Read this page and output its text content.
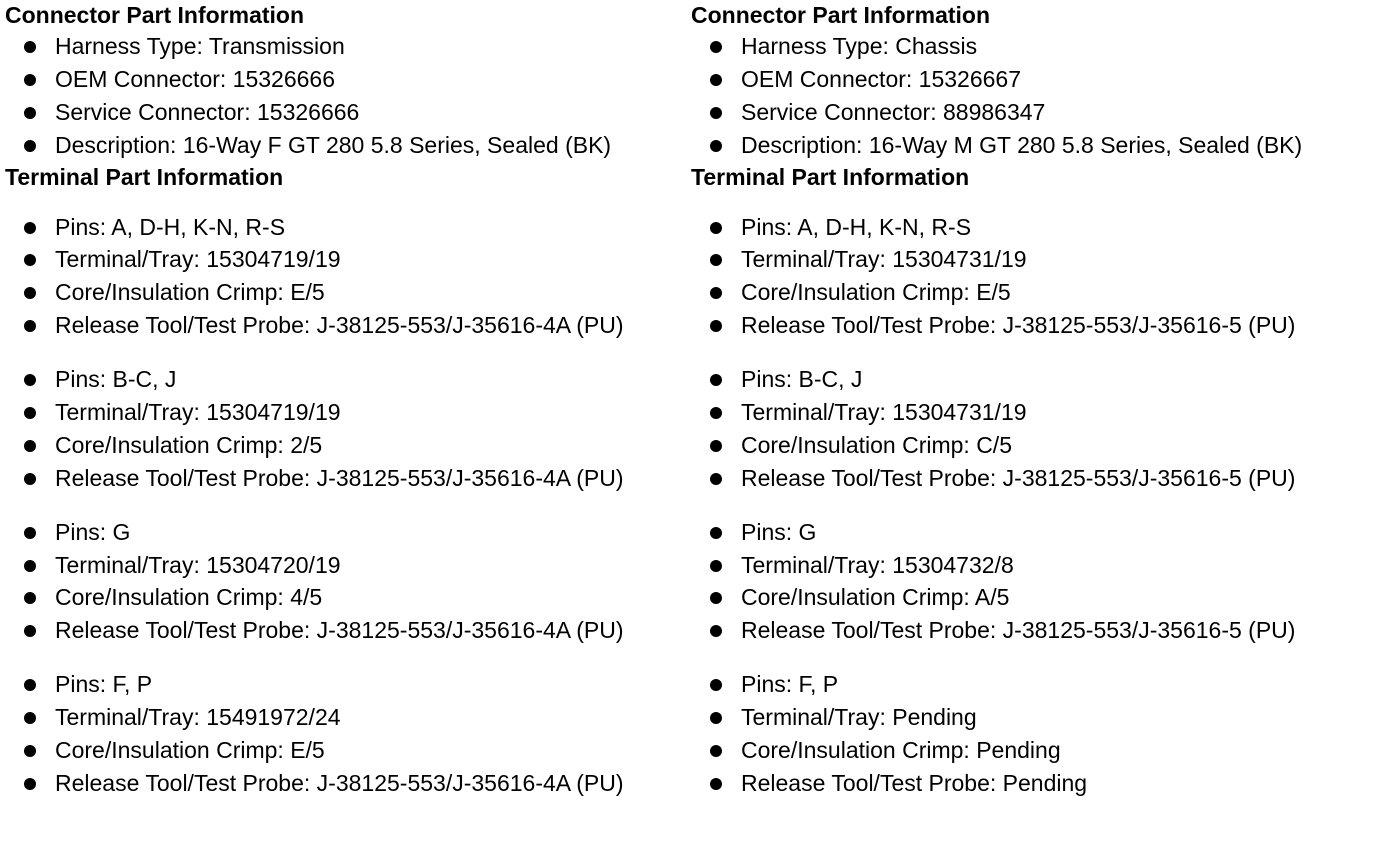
Connector Part Information
Harness Type: Transmission
OEM Connector: 15326666
Service Connector: 15326666
Description: 16-Way F GT 280 5.8 Series, Sealed (BK)
Terminal Part Information
Pins: A, D-H, K-N, R-S
Terminal/Tray: 15304719/19
Core/Insulation Crimp: E/5
Release Tool/Test Probe: J-38125-553/J-35616-4A (PU)
Pins: B-C, J
Terminal/Tray: 15304719/19
Core/Insulation Crimp: 2/5
Release Tool/Test Probe: J-38125-553/J-35616-4A (PU)
Pins: G
Terminal/Tray: 15304720/19
Core/Insulation Crimp: 4/5
Release Tool/Test Probe: J-38125-553/J-35616-4A (PU)
Pins: F, P
Terminal/Tray: 15491972/24
Core/Insulation Crimp: E/5
Release Tool/Test Probe: J-38125-553/J-35616-4A (PU)
Connector Part Information
Harness Type: Chassis
OEM Connector: 15326667
Service Connector: 88986347
Description: 16-Way M GT 280 5.8 Series, Sealed (BK)
Terminal Part Information
Pins: A, D-H, K-N, R-S
Terminal/Tray: 15304731/19
Core/Insulation Crimp: E/5
Release Tool/Test Probe: J-38125-553/J-35616-5 (PU)
Pins: B-C, J
Terminal/Tray: 15304731/19
Core/Insulation Crimp: C/5
Release Tool/Test Probe: J-38125-553/J-35616-5 (PU)
Pins: G
Terminal/Tray: 15304732/8
Core/Insulation Crimp: A/5
Release Tool/Test Probe: J-38125-553/J-35616-5 (PU)
Pins: F, P
Terminal/Tray: Pending
Core/Insulation Crimp: Pending
Release Tool/Test Probe: Pending
